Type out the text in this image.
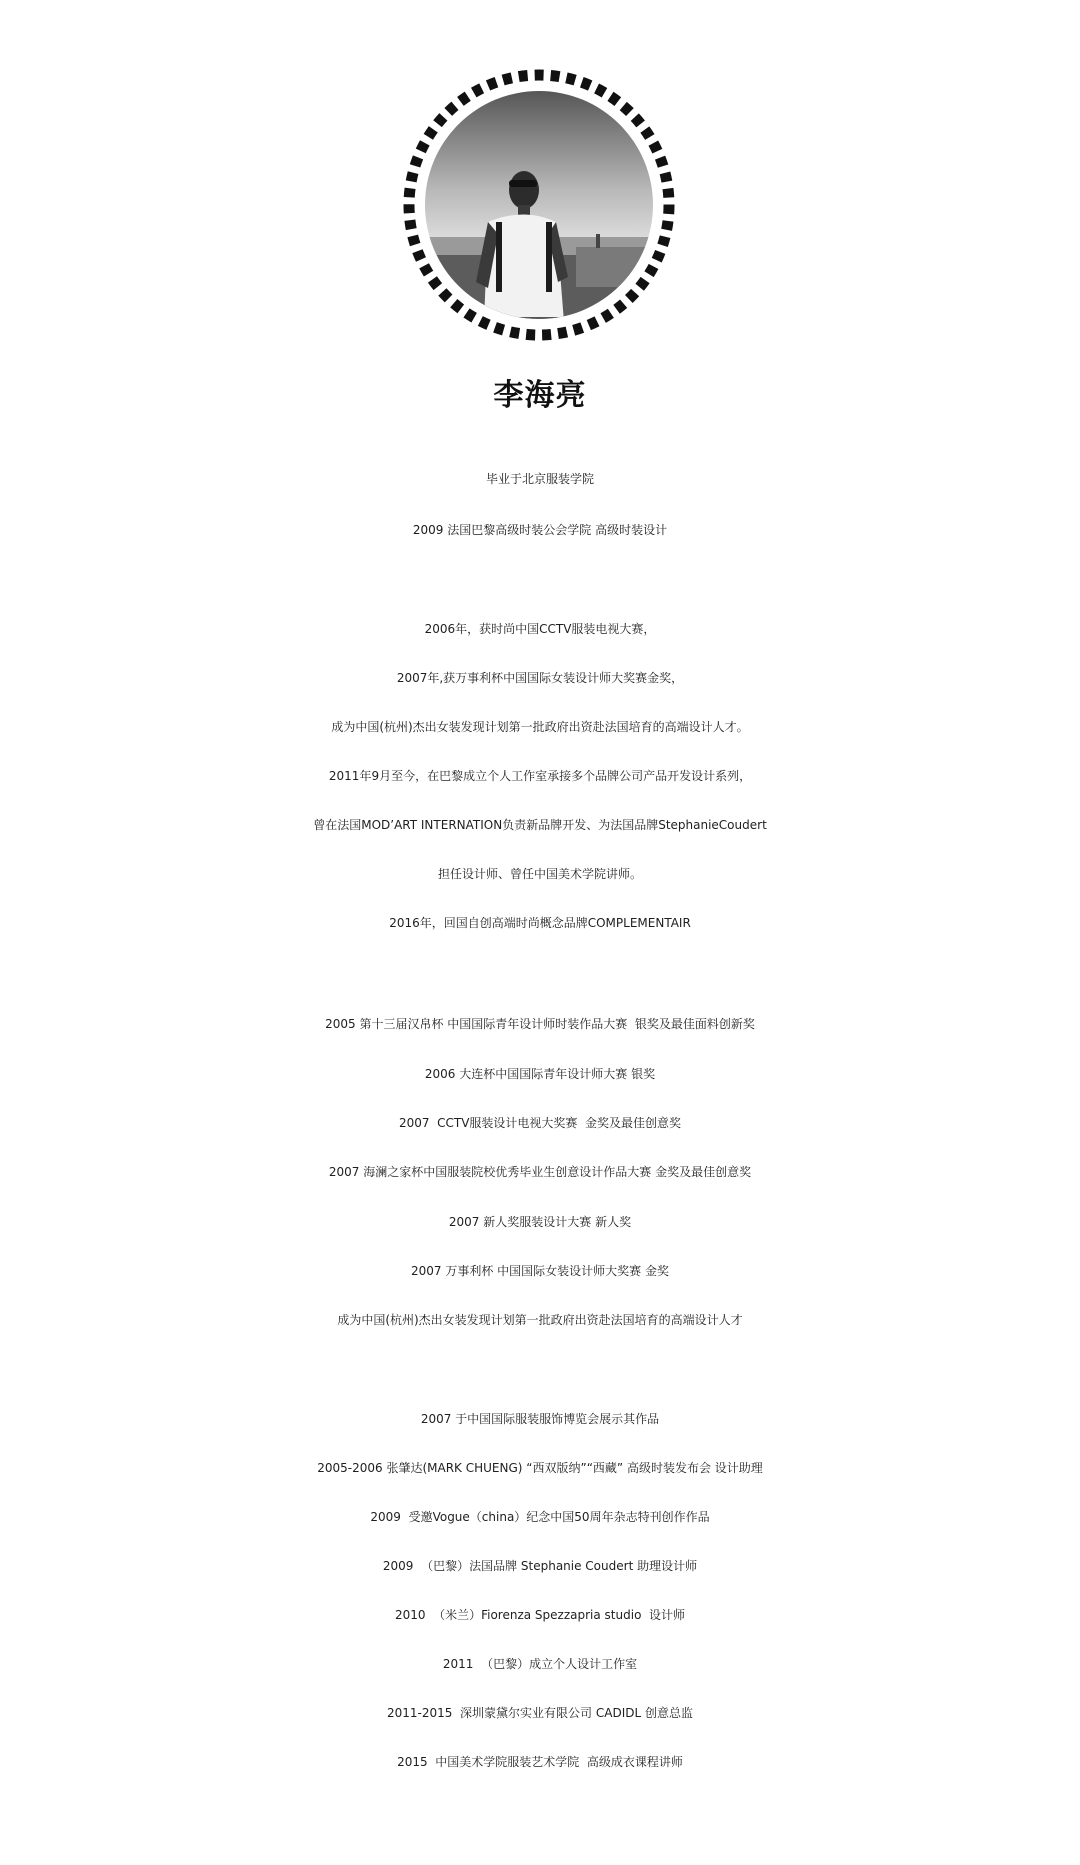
李海亮
毕业于北京服装学院
2009 法国巴黎高级时装公会学院 高级时装设计
2006年，获时尚中国CCTV服装电视大赛，
2007年,获万事利杯中国国际女装设计师大奖赛金奖，
成为中国(杭州)杰出女装发现计划第一批政府出资赴法国培育的高端设计人才。
2011年9月至今，在巴黎成立个人工作室承接多个品牌公司产品开发设计系列，
曾在法国MOD’ART INTERNATION负责新品牌开发、为法国品牌StephanieCoudert
担任设计师、曾任中国美术学院讲师。
2016年，回国自创高端时尚概念品牌COMPLEMENTAIR
2005 第十三届汉帛杯 中国国际青年设计师时装作品大赛  银奖及最佳面料创新奖
2006 大连杯中国国际青年设计师大赛 银奖
2007  CCTV服装设计电视大奖赛  金奖及最佳创意奖
2007 海澜之家杯中国服装院校优秀毕业生创意设计作品大赛 金奖及最佳创意奖
2007 新人奖服装设计大赛 新人奖
2007 万事利杯 中国国际女装设计师大奖赛 金奖
成为中国(杭州)杰出女装发现计划第一批政府出资赴法国培育的高端设计人才
2007 于中国国际服装服饰博览会展示其作品
2005-2006 张肇达(MARK CHUENG) “西双版纳”“西藏” 高级时装发布会 设计助理
2009  受邀Vogue（china）纪念中国50周年杂志特刊创作作品
2009  （巴黎）法国品牌 Stephanie Coudert 助理设计师
2010  （米兰）Fiorenza Spezzapria studio  设计师
2011  （巴黎）成立个人设计工作室
2011-2015  深圳蒙黛尔实业有限公司 CADIDL 创意总监
2015  中国美术学院服装艺术学院  高级成衣课程讲师
